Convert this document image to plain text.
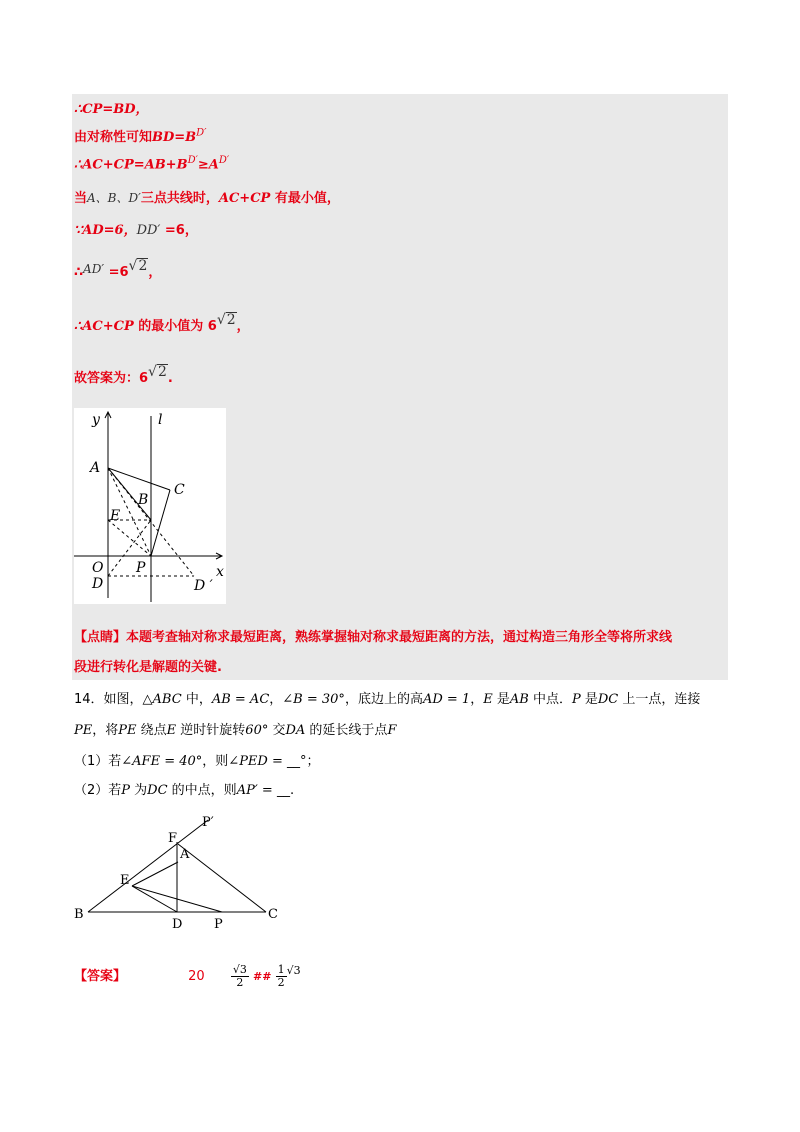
∴CP=BD，
由对称性可知$BD=B^{D'}$
$\therefore AC+CP=AB+B^{D'}\ge A^{D'}$
当A、B、D′三点共线时，AC+CP 有最小值，
∵AD=6，DD′ =6，
∴AD′ =6√2，
∴AC+CP 的最小值为 6√2，
故答案为：6√2.
y	l
A
B
C
E
O P
D	D ′
x
【点睛】本题考查轴对称求最短距离，熟练掌握轴对称求最短距离的方法，通过构造三角形全等将所求线
段进行转化是解题的关键.
14．如图，△ABC 中，AB = AC，∠B = 30°，底边上的高AD = 1，E 是AB 中点．P 是DC 上一点，连接
PE，将PE 绕点E 逆时针旋转60° 交DA 的延长线于点F
（1）若∠AFE = 40°，则∠PED = __°；
（2）若P 为DC 的中点，则AP′ = __.
P′
F
A
E
B
D P
C
【答案】	$20 \frac{√3}{2}$ ## $\frac{1}{2} ^{√3}$
